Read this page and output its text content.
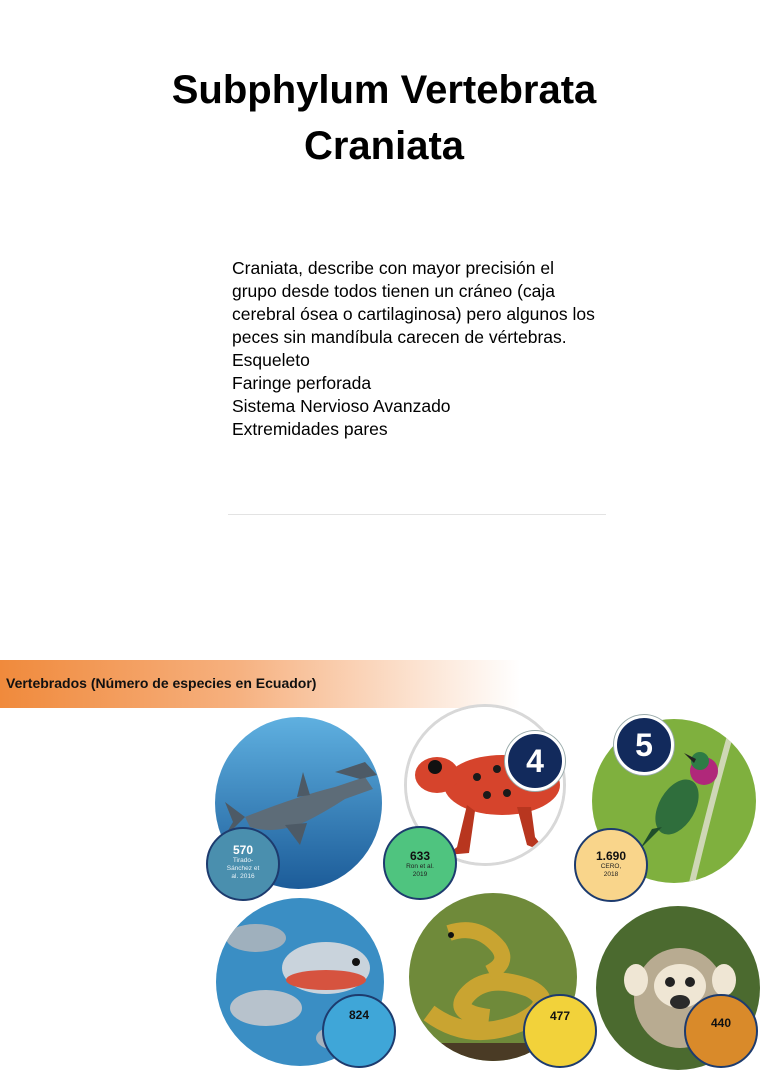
Subphylum Vertebrata
Craniata
Craniata, describe con mayor precisión el
grupo desde todos tienen un cráneo (caja
cerebral ósea o cartilaginosa) pero algunos los
peces sin mandíbula carecen de vértebras.
Esqueleto
Faringe perforada
Sistema Nervioso Avanzado
Extremidades pares
Vertebrados (Número de especies en Ecuador)
570
Tirado-
Sánchez et
al. 2016
4
633
Ron et al.
2019
5
1.690
CERO,
2018
824	477	440
